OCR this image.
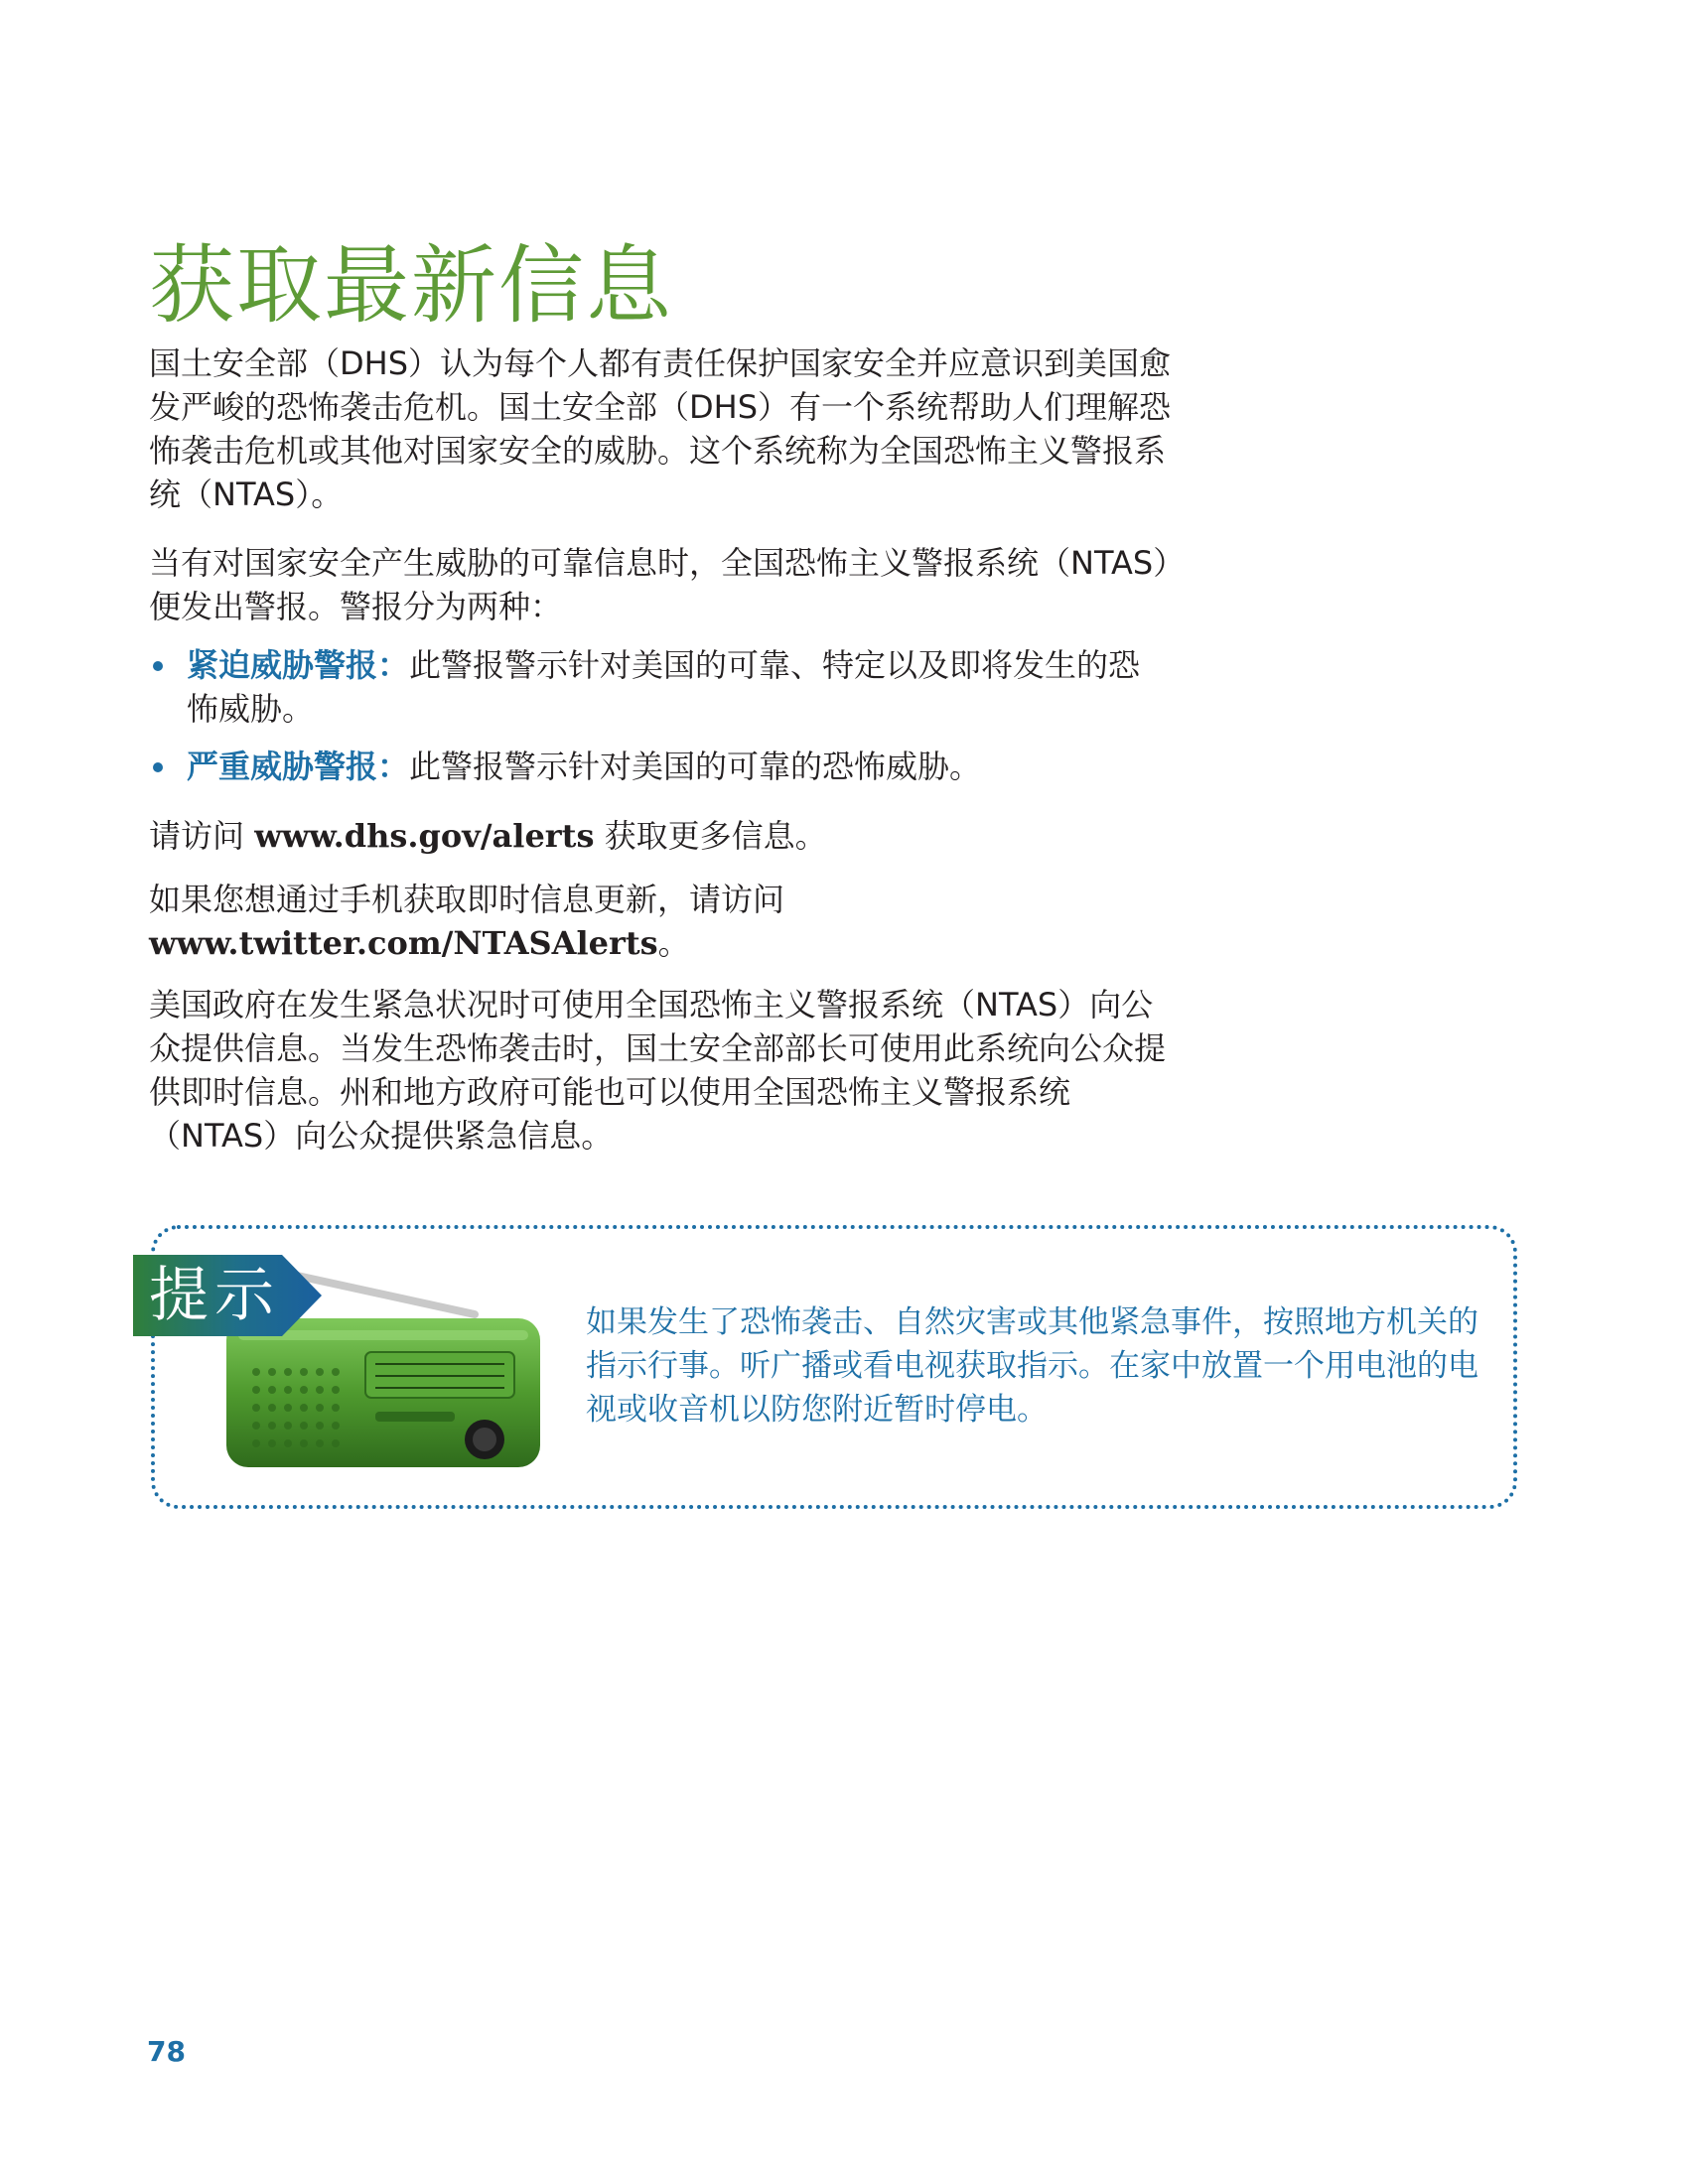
获取最新信息

国土安全部（DHS）认为每个人都有责任保护国家安全并应意识到美国愈发严峻的恐怖袭击危机。国土安全部（DHS）有一个系统帮助人们理解恐怖袭击危机或其他对国家安全的威胁。这个系统称为全国恐怖主义警报系统（NTAS）。

当有对国家安全产生威胁的可靠信息时，全国恐怖主义警报系统（NTAS）便发出警报。警报分为两种：

紧迫威胁警报：此警报警示针对美国的可靠、特定以及即将发生的恐怖威胁。
严重威胁警报：此警报警示针对美国的可靠的恐怖威胁。

请访问 www.dhs.gov/alerts 获取更多信息。

如果您想通过手机获取即时信息更新，请访问 www.twitter.com/NTASAlerts。

美国政府在发生紧急状况时可使用全国恐怖主义警报系统（NTAS）向公众提供信息。当发生恐怖袭击时，国土安全部部长可使用此系统向公众提供即时信息。州和地方政府可能也可以使用全国恐怖主义警报系统（NTAS）向公众提供紧急信息。

提示	如果发生了恐怖袭击、自然灾害或其他紧急事件，按照地方机关的指示行事。听广播或看电视获取指示。在家中放置一个用电池的电视或收音机以防您附近暂时停电。

78
